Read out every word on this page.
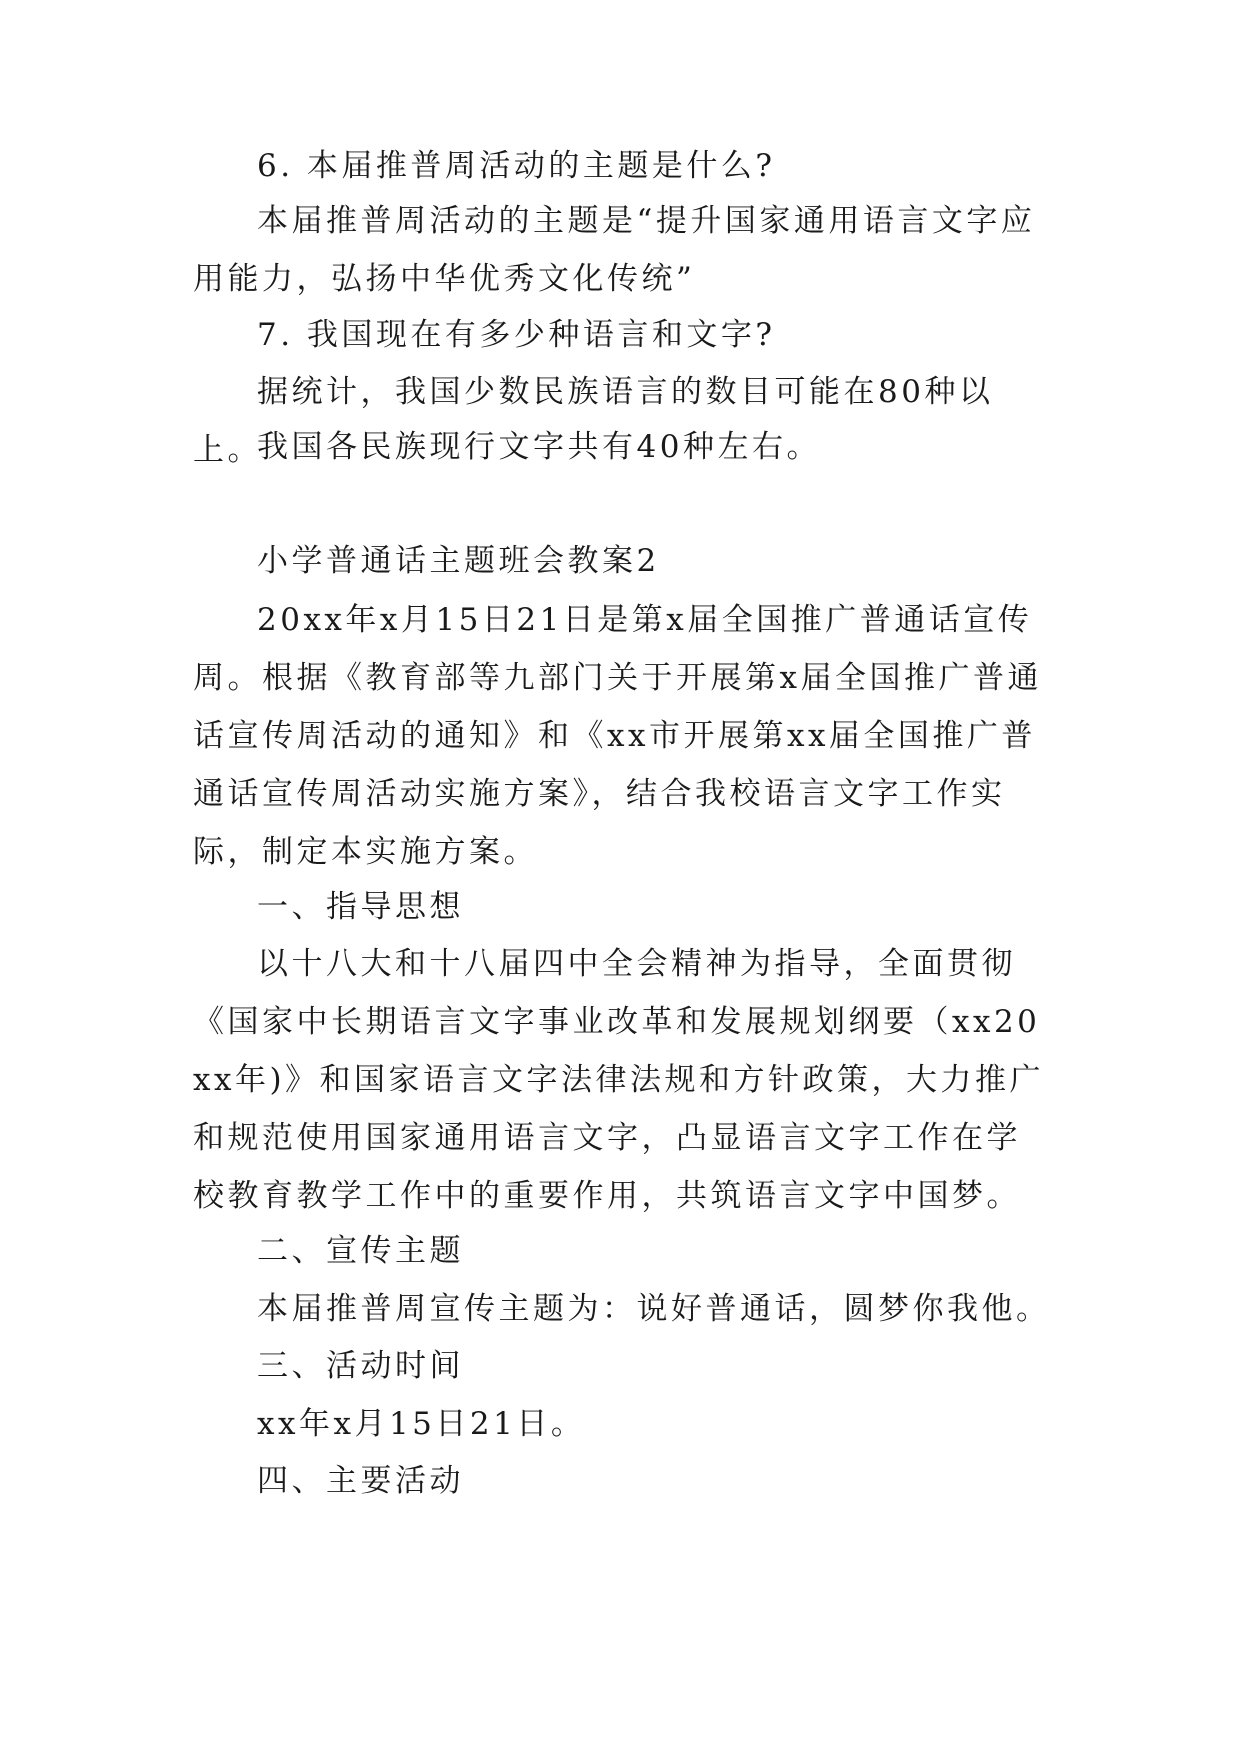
6. 本届推普周活动的主题是什么?

本届推普周活动的主题是“提升国家通用语言文字应用能力，弘扬中华优秀文化传统”

7. 我国现在有多少种语言和文字?

据统计，我国少数民族语言的数目可能在80种以上。

我国各民族现行文字共有40种左右。

小学普通话主题班会教案2

20xx年x月15日21日是第x届全国推广普通话宣传周。根据《教育部等九部门关于开展第x届全国推广普通话宣传周活动的通知》和《xx市开展第xx届全国推广普通话宣传周活动实施方案》，结合我校语言文字工作实际，制定本实施方案。

一、指导思想

以十八大和十八届四中全会精神为指导，全面贯彻《国家中长期语言文字事业改革和发展规划纲要（xx20xx年)》和国家语言文字法律法规和方针政策，大力推广和规范使用国家通用语言文字，凸显语言文字工作在学校教育教学工作中的重要作用，共筑语言文字中国梦。

二、宣传主题

本届推普周宣传主题为：说好普通话，圆梦你我他。

三、活动时间

xx年x月15日21日。

四、主要活动
